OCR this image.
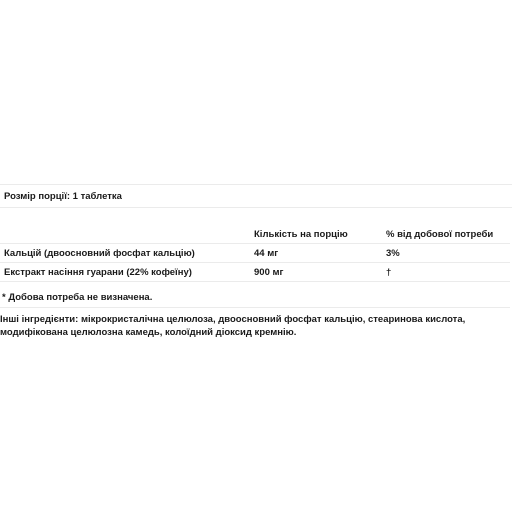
Розмір порції: 1 таблетка
	Кількість на порцію	% від добової потреби
Кальцій (двоосновний фосфат кальцію)	44 мг	3%
Екстракт насіння гуарани (22% кофеїну)	900 мг	†
* Добова потреба не визначена.
Інші інгредієнти: мікрокристалічна целюлоза, двоосновний фосфат кальцію, стеаринова кислота, модифікована целюлозна камедь, колоїдний діоксид кремнію.
